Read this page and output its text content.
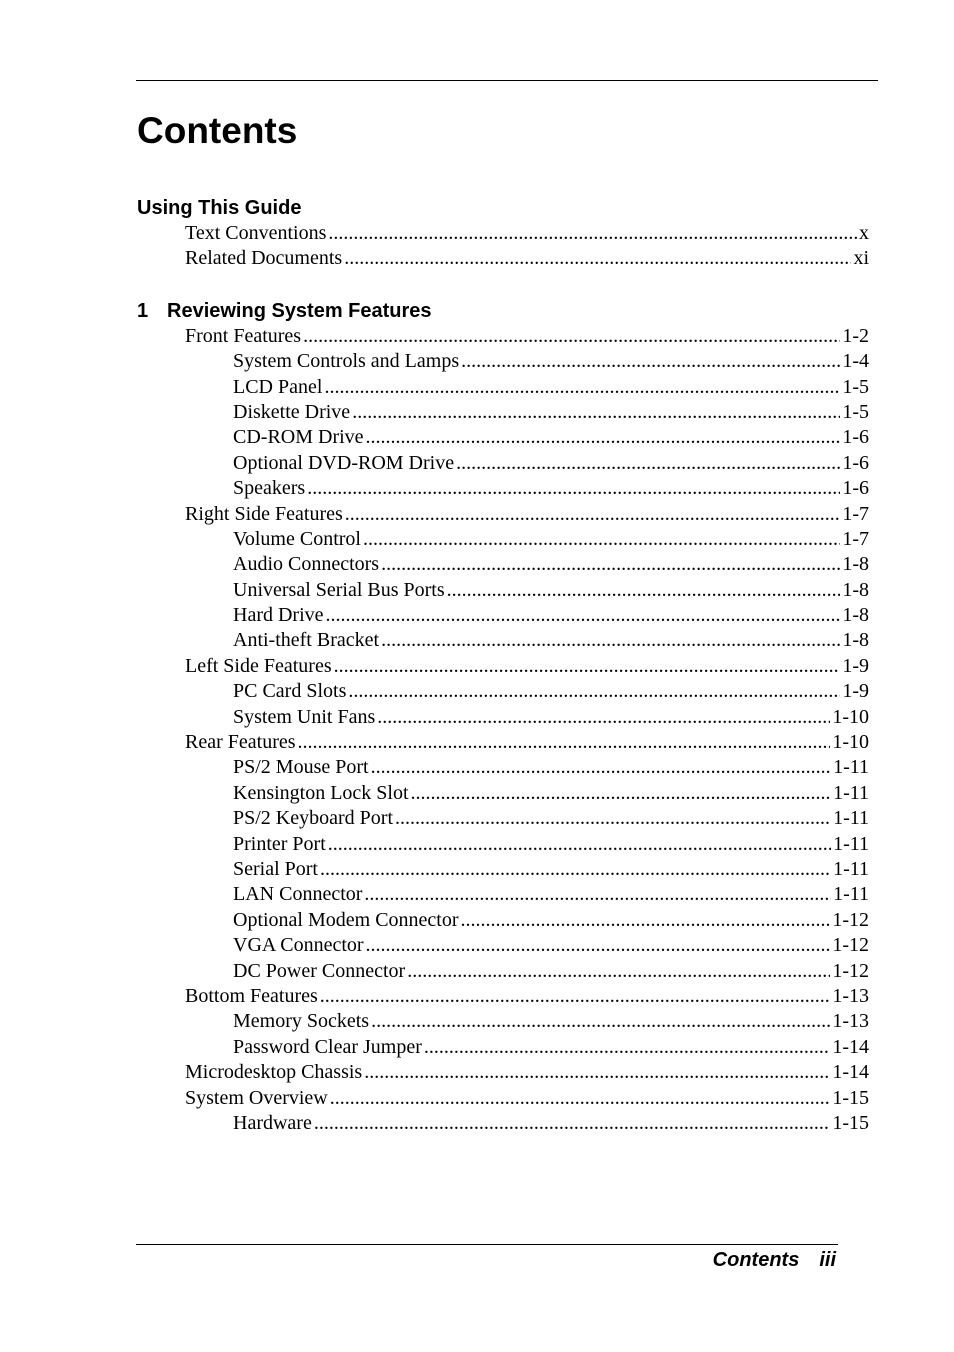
Contents
Using This Guide
Text Conventions .....	x
Related Documents .....	xi
1 Reviewing System Features
Front Features .....	1-2
System Controls and Lamps .....	1-4
LCD Panel .....	1-5
Diskette Drive .....	1-5
CD-ROM Drive .....	1-6
Optional DVD-ROM Drive .....	1-6
Speakers .....	1-6
Right Side Features .....	1-7
Volume Control .....	1-7
Audio Connectors .....	1-8
Universal Serial Bus Ports .....	1-8
Hard Drive .....	1-8
Anti-theft Bracket .....	1-8
Left Side Features .....	1-9
PC Card Slots .....	1-9
System Unit Fans .....	1-10
Rear Features .....	1-10
PS/2 Mouse Port .....	1-11
Kensington Lock Slot .....	1-11
PS/2 Keyboard Port .....	1-11
Printer Port .....	1-11
Serial Port .....	1-11
LAN Connector .....	1-11
Optional Modem Connector .....	1-12
VGA Connector .....	1-12
DC Power Connector .....	1-12
Bottom Features .....	1-13
Memory Sockets .....	1-13
Password Clear Jumper .....	1-14
Microdesktop Chassis .....	1-14
System Overview .....	1-15
Hardware .....	1-15
Contents iii
